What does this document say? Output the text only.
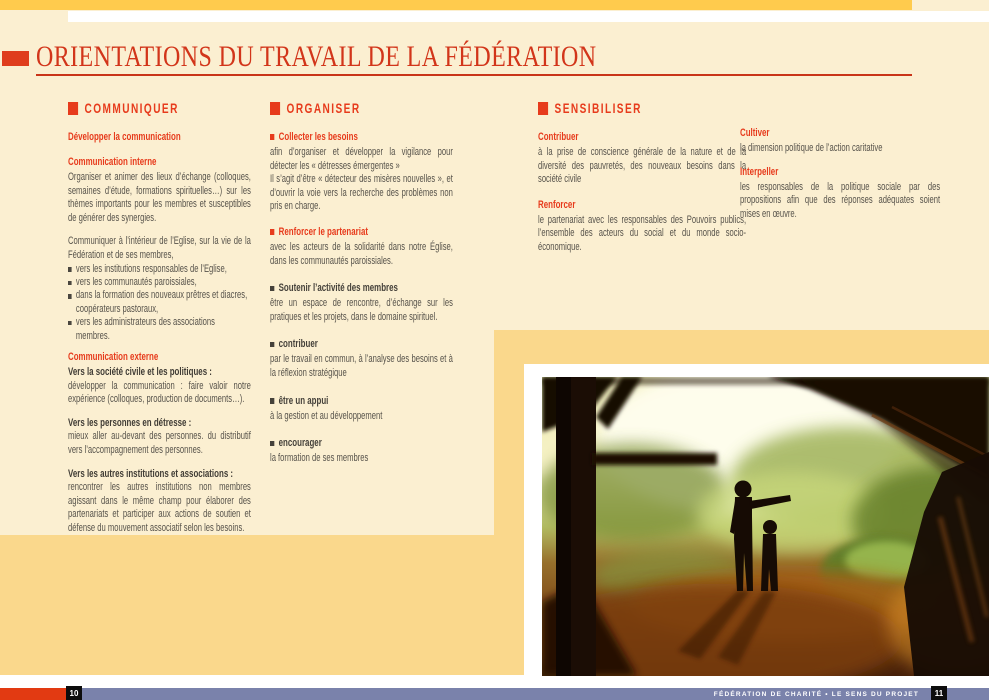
ORIENTATIONS DU TRAVAIL DE LA FÉDÉRATION
COMMUNIQUER
Développer la communication
Communication interne

Organiser et animer des lieux d’échange (colloques, semaines d’étude, formations spirituelles…) sur les thèmes importants pour les membres et susceptibles de générer des synergies.

Communiquer à l’intérieur de l’Eglise, sur la vie de la Fédération et de ses membres,

vers les institutions responsables de l’Eglise,
vers les communautés paroissiales,
dans la formation des nouveaux prêtres et diacres, coopérateurs pastoraux,
vers les administrateurs des associations membres.
Communication externe
Vers la société civile et les politiques :

développer la communication : faire valoir notre expérience (colloques, production de documents…).

Vers les personnes en détresse :

mieux aller au-devant des personnes. du distributif vers l’accompagnement des personnes.

Vers les autres institutions et associations :

rencontrer les autres institutions non membres agissant dans le même champ pour élaborer des partenariats et participer aux actions de soutien et défense du mouvement associatif selon les besoins.

ORGANISER
Collecter les besoins

afin d’organiser et développer la vigilance pour détecter les « détresses émergentes »

Il s’agit d’être « détecteur des misères nouvelles », et d’ouvrir la voie vers la recherche des problèmes non pris en charge.

Renforcer le partenariat

avec les acteurs de la solidarité dans notre Église, dans les communautés paroissiales.

Soutenir l’activité des membres

être un espace de rencontre, d’échange sur les pratiques et les projets, dans le domaine spirituel.

contribuer

par le travail en commun, à l’analyse des besoins et à la réflexion stratégique

être un appui

à la gestion et au développement

encourager

la formation de ses membres

SENSIBILISER
Contribuer

à la prise de conscience générale de la nature et de la diversité des pauvretés, des nouveaux besoins dans la société civile

Renforcer

le partenariat avec les responsables des Pouvoirs publics, l’ensemble des acteurs du social et du monde socio-économique.

Cultiver

la dimension politique de l’action caritative

Interpeller

les responsables de la politique sociale par des propositions afin que des réponses adéquates soient mises en œuvre.

FÉDÉRATION DE CHARITÉ • LE SENS DU PROJET
10	11
